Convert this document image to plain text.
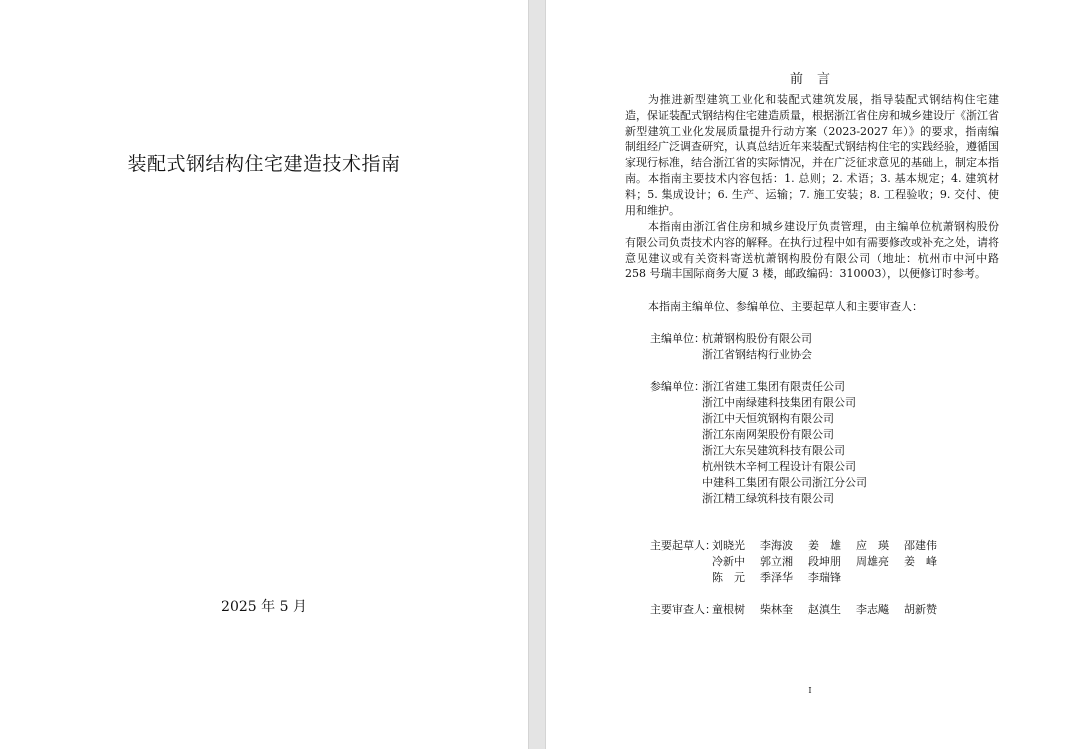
装配式钢结构住宅建造技术指南
2025 年 5 月
前言

为推进新型建筑工业化和装配式建筑发展，指导装配式钢结构住宅建造，保证装配式钢结构住宅建造质量，根据浙江省住房和城乡建设厅《浙江省新型建筑工业化发展质量提升行动方案（2023-2027 年）》的要求，指南编制组经广泛调查研究，认真总结近年来装配式钢结构住宅的实践经验，遵循国家现行标准，结合浙江省的实际情况，并在广泛征求意见的基础上，制定本指南。 本指南主要技术内容包括：1. 总则；2. 术语；3. 基本规定；4. 建筑材料；5. 集成设计；6. 生产、运输；7. 施工安装；8. 工程验收；9. 交付、使用和维护。

本指南由浙江省住房和城乡建设厅负责管理，由主编单位杭萧钢构股份有限公司负责技术内容的解释。在执行过程中如有需要修改或补充之处，请将意见建议或有关资料寄送杭萧钢构股份有限公司（地址：杭州市中河中路 258 号瑞丰国际商务大厦 3 楼，邮政编码：310003），以便修订时参考。

本指南主编单位、参编单位、主要起草人和主要审查人：

主编单位：
杭萧钢构股份有限公司
浙江省钢结构行业协会
参编单位：
浙江省建工集团有限责任公司
浙江中南绿建科技集团有限公司
浙江中天恒筑钢构有限公司
浙江东南网架股份有限公司
浙江大东吴建筑科技有限公司
杭州铁木辛柯工程设计有限公司
中建科工集团有限公司浙江分公司
浙江精工绿筑科技有限公司
主要起草人：
刘晓光	李海波	姜　雄	应　瑛	邵建伟
冷新中	郭立湘	段坤朋	周雄亮	姜　峰
陈　元	季泽华	李瑞锋
主要审查人：
童根树	柴林奎	赵滇生	李志飚	胡新赞
I
